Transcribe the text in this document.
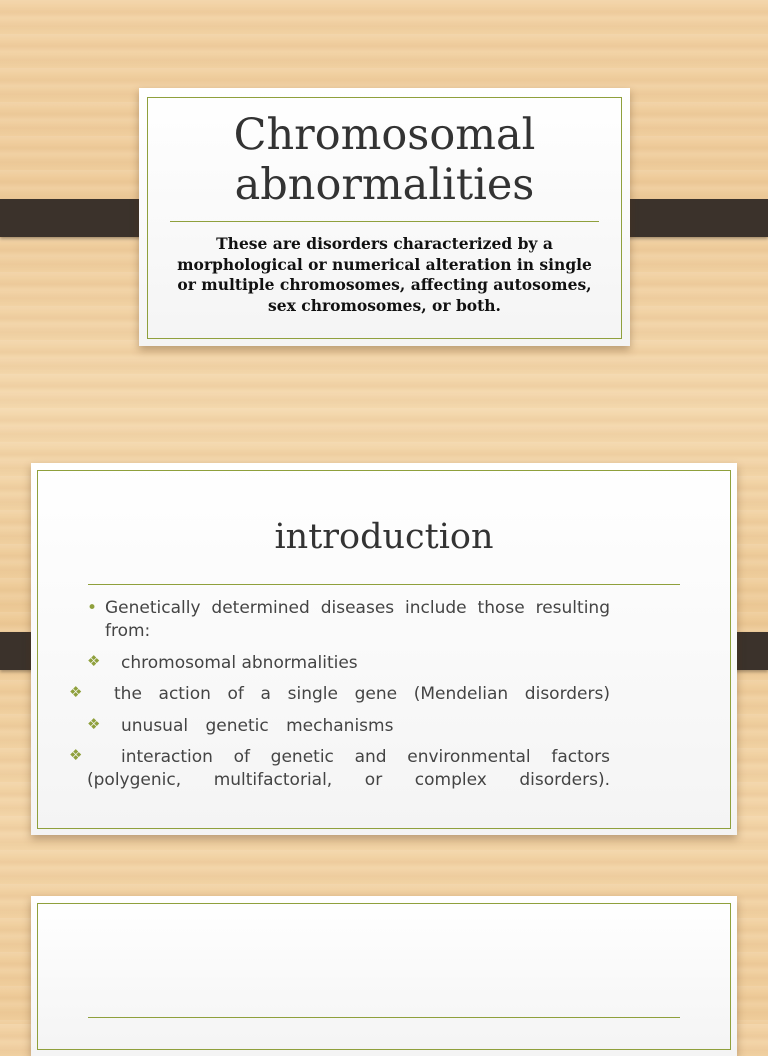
Chromosomal
abnormalities
These are disorders characterized by a morphological or numerical alteration in single or multiple chromosomes, affecting autosomes, sex chromosomes, or both.
introduction
• Genetically determined diseases include those resulting from:
❖ chromosomal abnormalities
❖ the action of a single gene (Mendelian disorders)
❖ unusual genetic mechanisms
❖ interaction of genetic and environmental factors (polygenic, multifactorial, or complex disorders).
